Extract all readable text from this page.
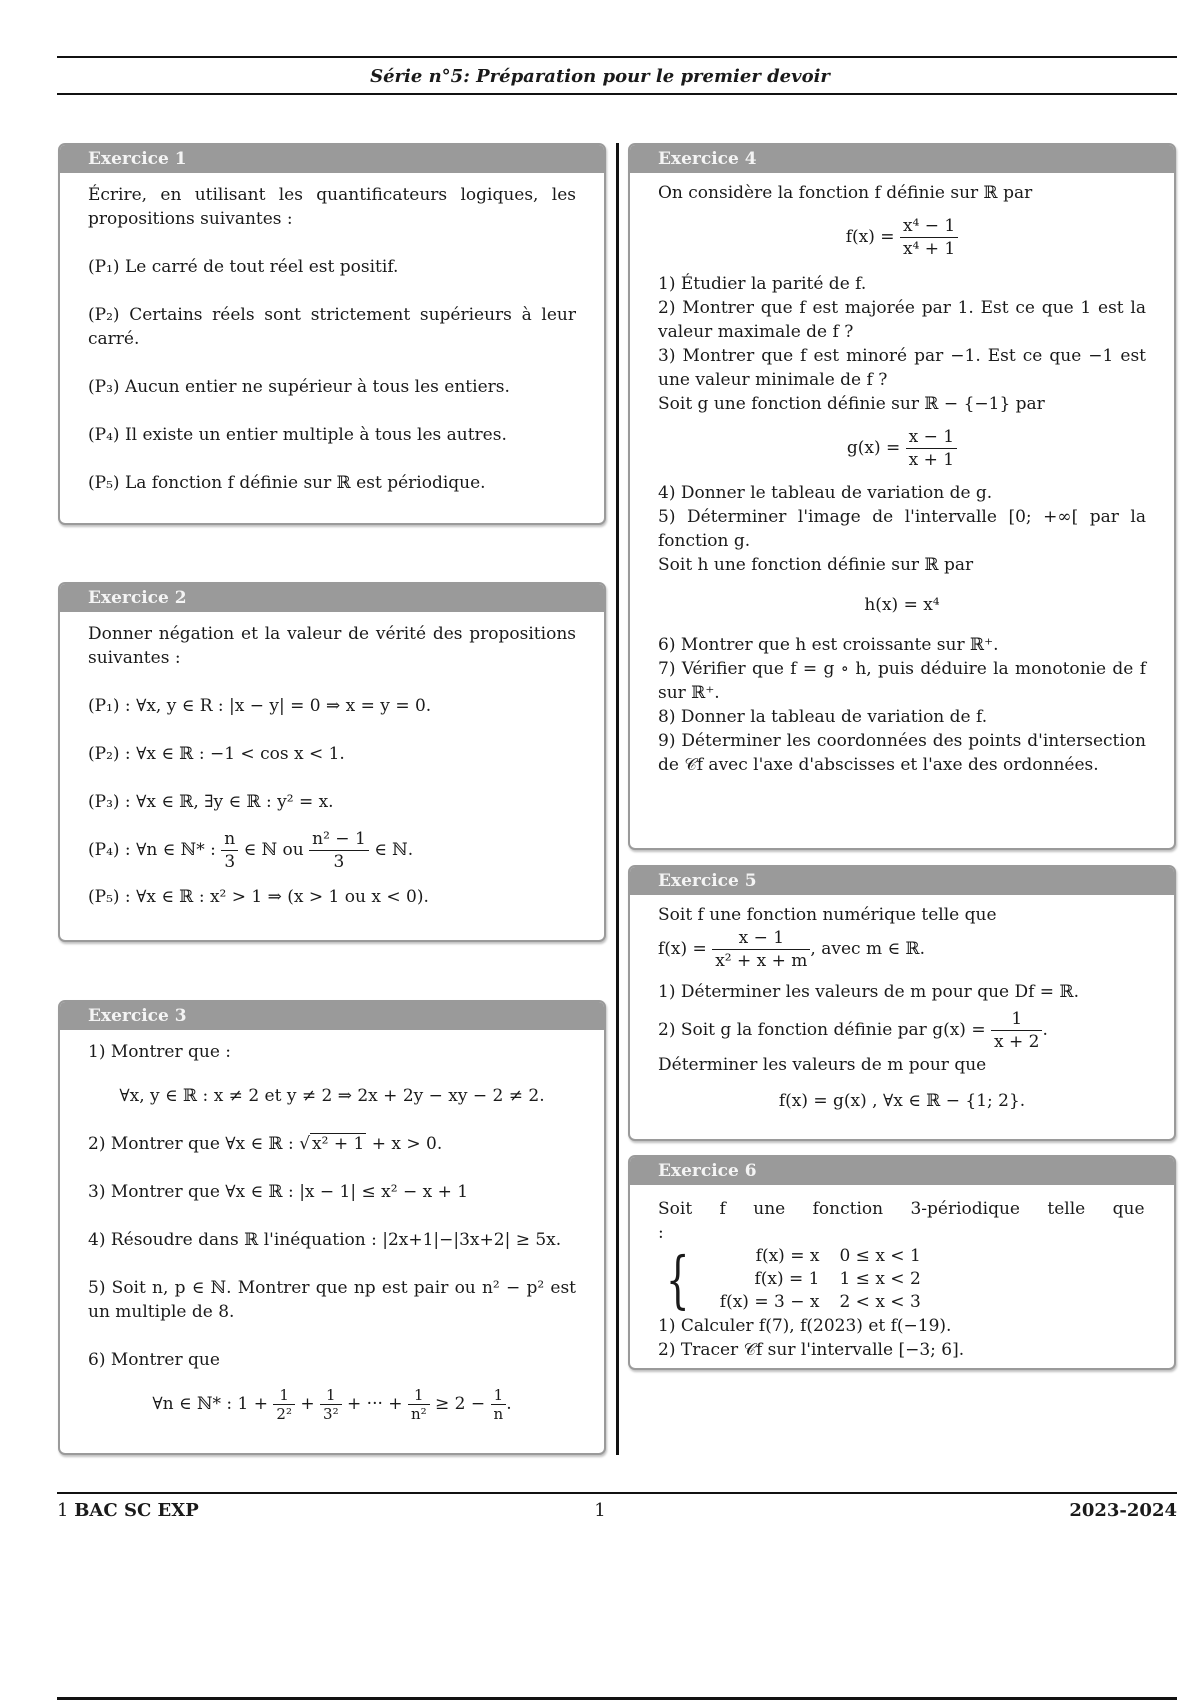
Série n°5: Préparation pour le premier devoir
Exercice 1

Écrire, en utilisant les quantificateurs logiques, les propositions suivantes :

(P₁) Le carré de tout réel est positif.

(P₂) Certains réels sont strictement supérieurs à leur carré.

(P₃) Aucun entier ne supérieur à tous les entiers.

(P₄) Il existe un entier multiple à tous les autres.

(P₅) La fonction f définie sur ℝ est périodique.

Exercice 2

Donner négation et la valeur de vérité des propositions suivantes :

(P₁) : ∀x, y ∈ R : |x − y| = 0 ⇒ x = y = 0.

(P₂) : ∀x ∈ ℝ : −1 < cos x < 1.

(P₃) : ∀x ∈ ℝ, ∃y ∈ ℝ : y² = x.

(P₄) : ∀n ∈ ℕ* : $\frac{n}{3}$ ∈ ℕ ou $\frac{\text{n² − 1}}{3}$ ∈ ℕ.

(P₅) : ∀x ∈ ℝ : x² > 1 ⇒ (x > 1 ou x < 0).

Exercice 3

1) Montrer que :

∀x, y ∈ ℝ : x ≠ 2 et y ≠ 2 ⇒ 2x + 2y − xy − 2 ≠ 2.

2) Montrer que ∀x ∈ ℝ : √ x² + 1 + x > 0.

3) Montrer que ∀x ∈ ℝ : |x − 1| ≤ x² − x + 1

4) Résoudre dans ℝ l'inéquation : |2x+1|−|3x+2| ≥ 5x.

5) Soit n, p ∈ ℕ. Montrer que np est pair ou n² − p² est un multiple de 8.

6) Montrer que

∀n ∈ ℕ* : $1 + \frac{1}{\text{2²}} + \frac{1}{\text{3²}}$ + ··· + $\frac{1}{\text{n²}} \ge 2 - \frac{1}{n}$ .

Exercice 4

On considère la fonction f définie sur ℝ par

$f(x) = \frac{\text{x⁴ − 1}}{\text{x⁴ + 1}}$

1) Étudier la parité de f.

2) Montrer que f est majorée par 1. Est ce que 1 est la valeur maximale de f ?

3) Montrer que f est minoré par −1. Est ce que −1 est une valeur minimale de f ?

Soit g une fonction définie sur ℝ − {−1} par

$g(x) = \frac{x - 1}{x + 1}$

4) Donner le tableau de variation de g.

5) Déterminer l'image de l'intervalle [0; +∞[ par la fonction g.

Soit h une fonction définie sur ℝ par

h(x) = x⁴

6) Montrer que h est croissante sur ℝ⁺.

7) Vérifier que f = g ∘ h, puis déduire la monotonie de f sur ℝ⁺.

8) Donner la tableau de variation de f.

9) Déterminer les coordonnées des points d'intersection de 𝒞f avec l'axe d'abscisses et l'axe des ordonnées.

Exercice 5

Soit f une fonction numérique telle que

$f(x) = \frac{x - 1}{\text{x² + x + m}}$ , avec m ∈ ℝ.

1) Déterminer les valeurs de m pour que Df = ℝ.

2) Soit g la fonction définie par $g(x) = \frac{1}{x + 2}$ .

Déterminer les valeurs de m pour que

f(x) = g(x) , ∀x ∈ ℝ − {1; 2}.

Exercice 6

Soit f une fonction 3-périodique telle que :

{	f(x) = x	0 ≤ x < 1
f(x) = 1	1 ≤ x < 2
f(x) = 3 − x	2 < x < 3

1) Calculer f(7), f(2023) et f(−19).

2) Tracer 𝒞f sur l'intervalle [−3; 6].

1 BAC SC EXP	1	2023-2024
